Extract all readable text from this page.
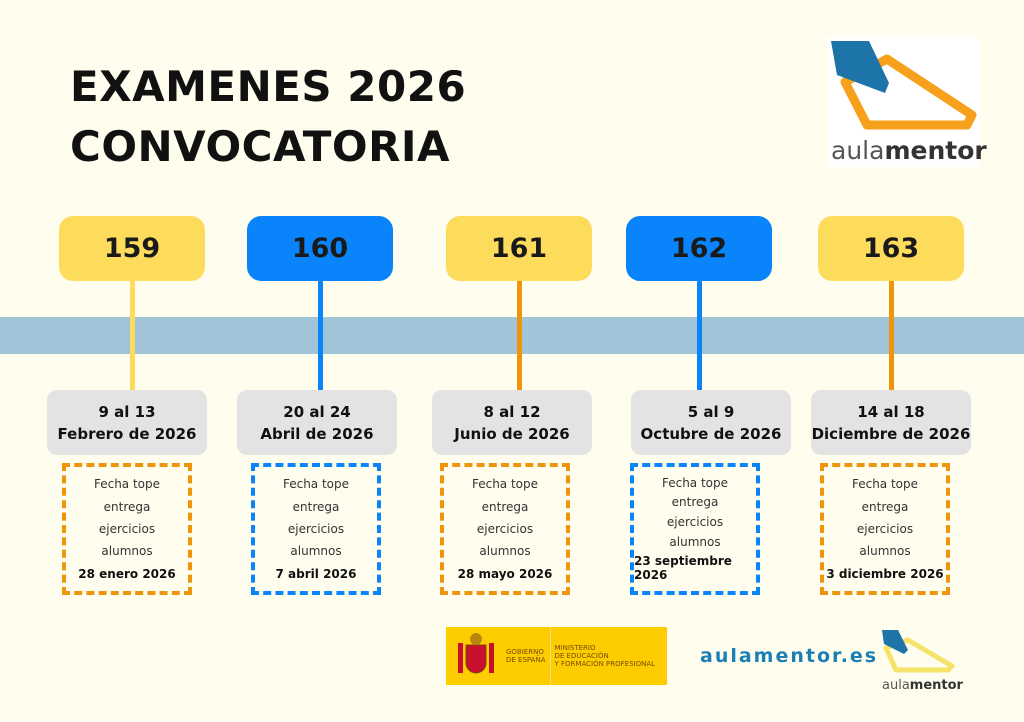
EXAMENES 2026
CONVOCATORIA	aulamentor
159
9 al 13
Febrero de 2026
Fecha tope
entrega
ejercicios
alumnos
28 enero 2026
160
20 al 24
Abril de 2026
Fecha tope
entrega
ejercicios
alumnos
7 abril 2026
161
8 al 12
Junio de 2026
Fecha tope
entrega
ejercicios
alumnos
28 mayo 2026
162
5 al 9
Octubre de 2026
Fecha tope
entrega
ejercicios
alumnos
23 septiembre 2026
163
14 al 18
Diciembre de 2026
Fecha tope
entrega
ejercicios
alumnos
3 diciembre 2026
GOBIERNO
DE ESPAÑA
MINISTERIO
DE EDUCACIÓN
Y FORMACIÓN PROFESIONAL aulamentor.es
aulamentor
